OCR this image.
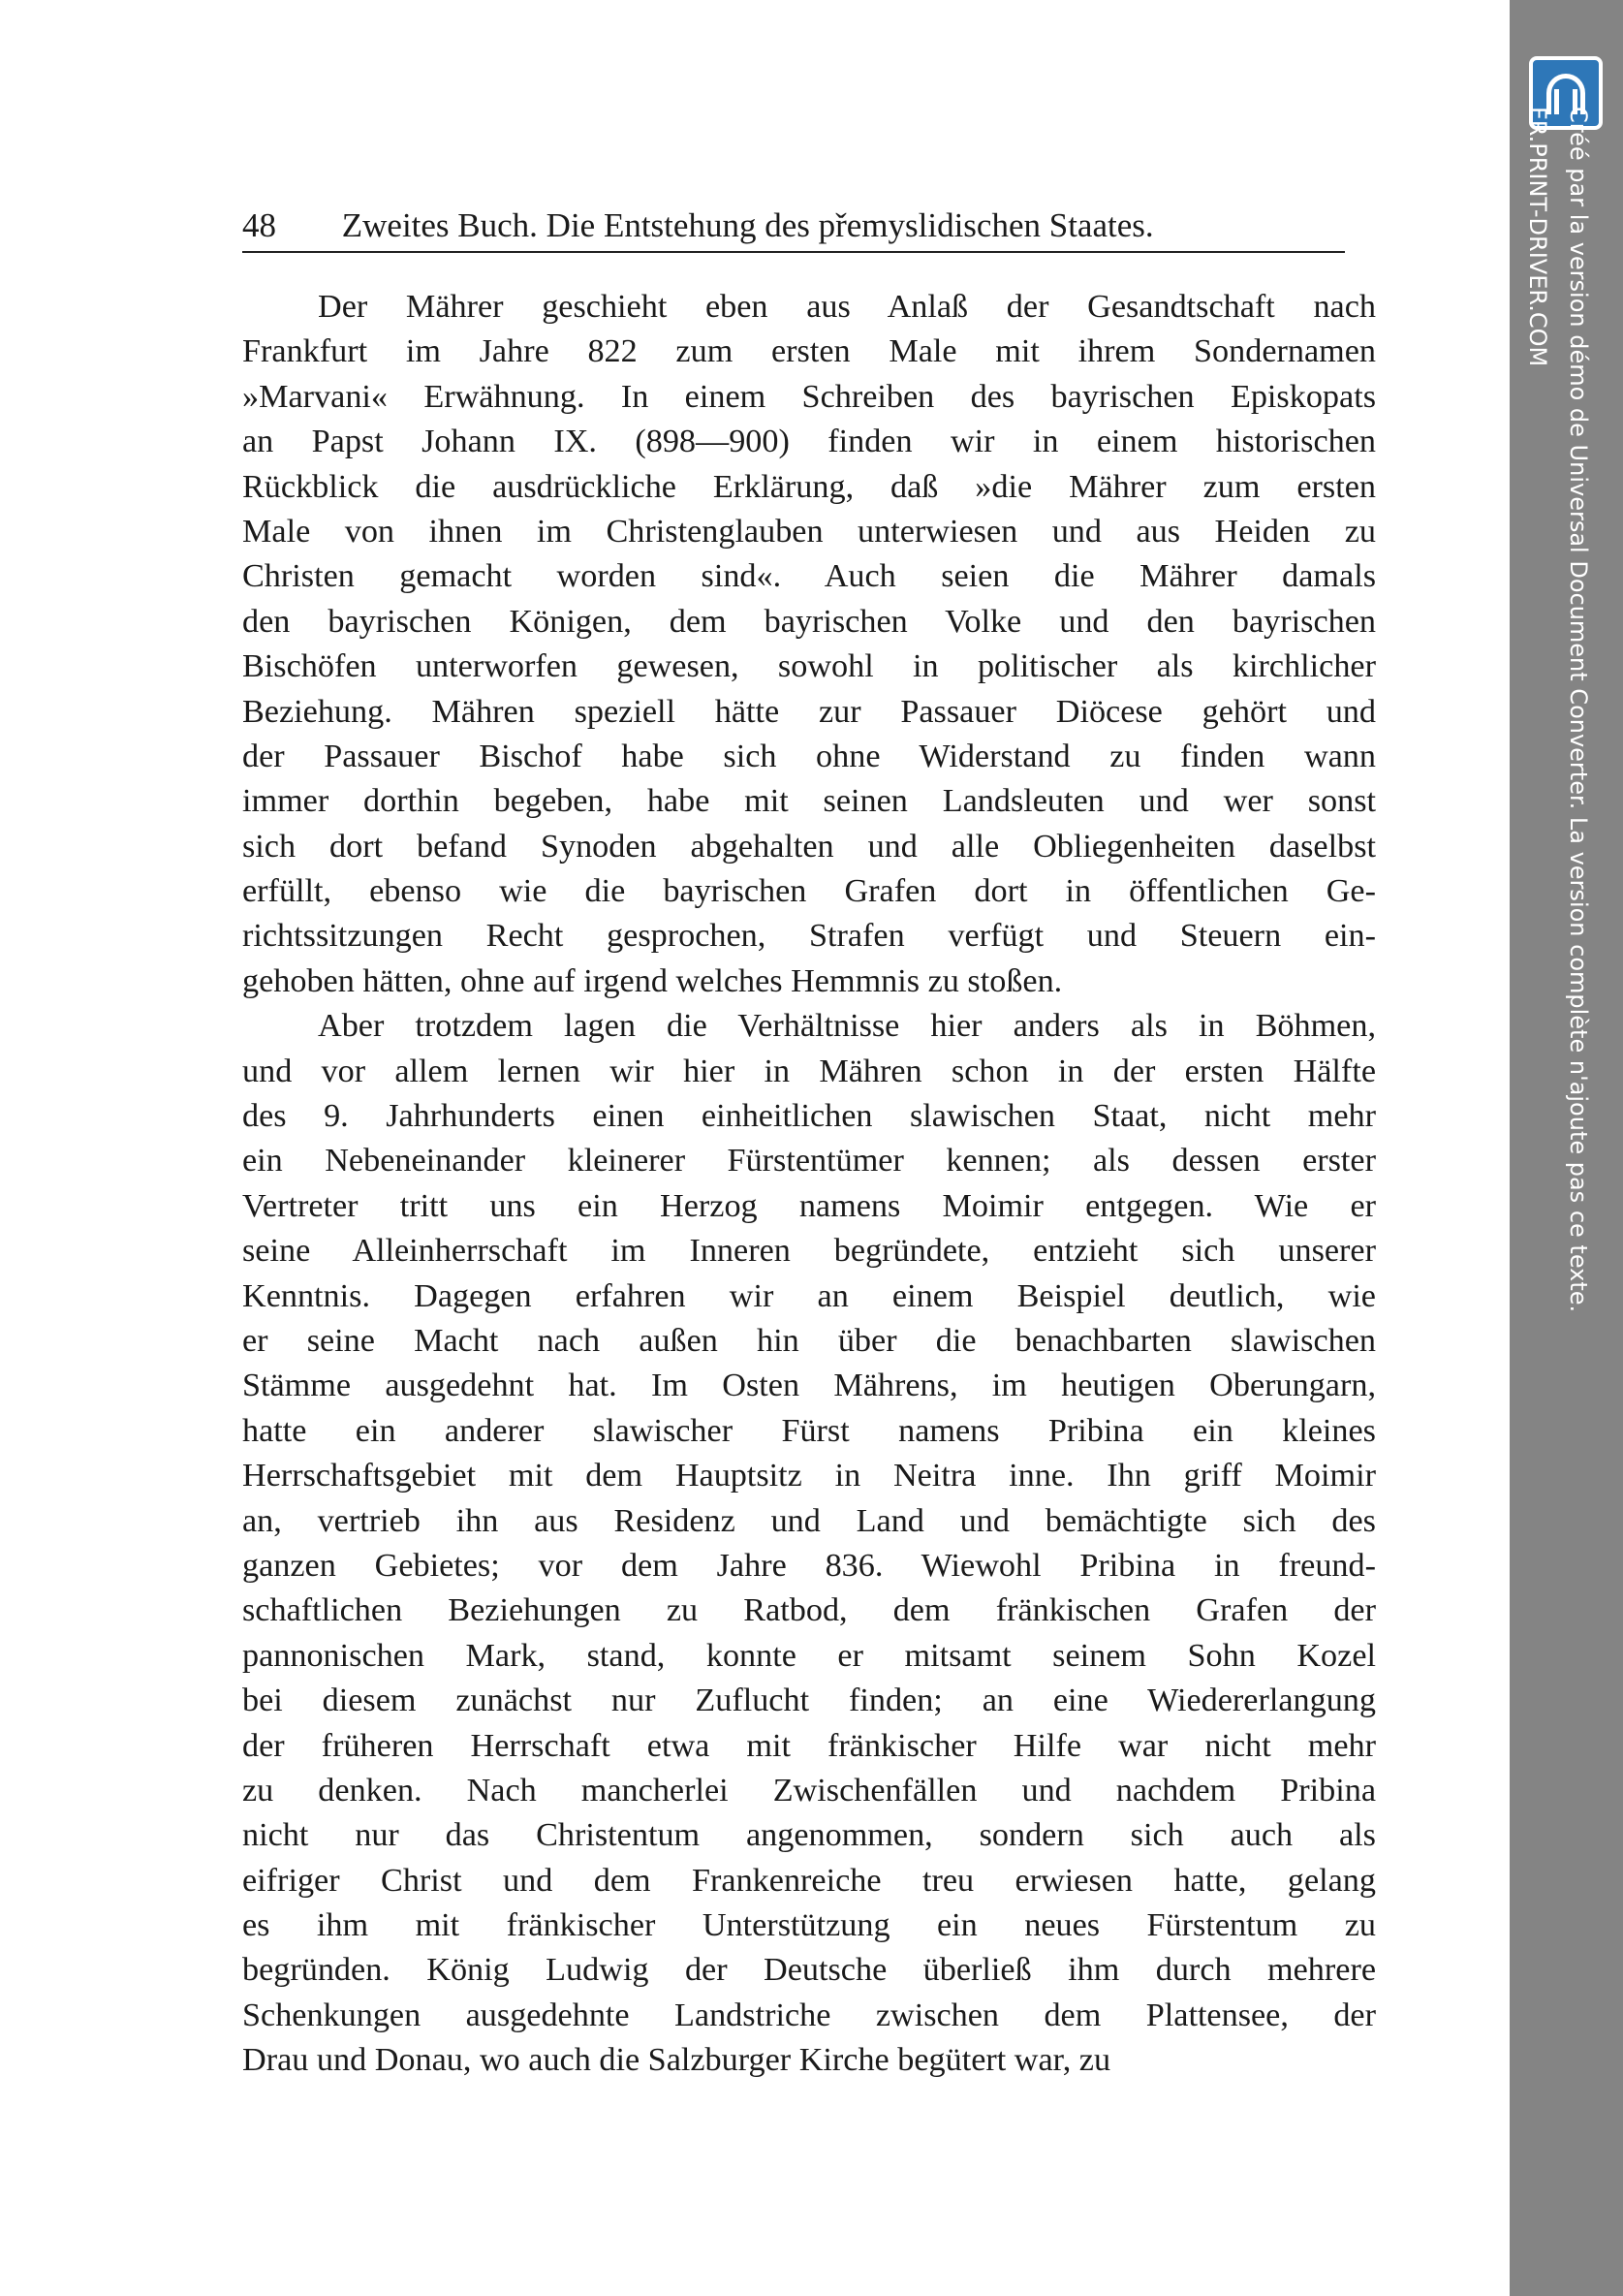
48 Zweites Buch. Die Entstehung des přemyslidischen Staates.
Der Mährer geschieht eben aus Anlaß der Gesandtschaft nach
Frankfurt im Jahre 822 zum ersten Male mit ihrem Sondernamen
»Marvani« Erwähnung. In einem Schreiben des bayrischen Episkopats
an Papst Johann IX. (898—900) finden wir in einem historischen
Rückblick die ausdrückliche Erklärung, daß »die Mährer zum ersten
Male von ihnen im Christenglauben unterwiesen und aus Heiden zu
Christen gemacht worden sind«. Auch seien die Mährer damals
den bayrischen Königen, dem bayrischen Volke und den bayrischen
Bischöfen unterworfen gewesen, sowohl in politischer als kirchlicher
Beziehung. Mähren speziell hätte zur Passauer Diöcese gehört und
der Passauer Bischof habe sich ohne Widerstand zu finden wann
immer dorthin begeben, habe mit seinen Landsleuten und wer sonst
sich dort befand Synoden abgehalten und alle Obliegenheiten daselbst
erfüllt, ebenso wie die bayrischen Grafen dort in öffentlichen Ge-
richtssitzungen Recht gesprochen, Strafen verfügt und Steuern ein-
gehoben hätten, ohne auf irgend welches Hemmnis zu stoßen.
Aber trotzdem lagen die Verhältnisse hier anders als in Böhmen,
und vor allem lernen wir hier in Mähren schon in der ersten Hälfte
des 9. Jahrhunderts einen einheitlichen slawischen Staat, nicht mehr
ein Nebeneinander kleinerer Fürstentümer kennen; als dessen erster
Vertreter tritt uns ein Herzog namens Moimir entgegen. Wie er
seine Alleinherrschaft im Inneren begründete, entzieht sich unserer
Kenntnis. Dagegen erfahren wir an einem Beispiel deutlich, wie
er seine Macht nach außen hin über die benachbarten slawischen
Stämme ausgedehnt hat. Im Osten Mährens, im heutigen Oberungarn,
hatte ein anderer slawischer Fürst namens Pribina ein kleines
Herrschaftsgebiet mit dem Hauptsitz in Neitra inne. Ihn griff Moimir
an, vertrieb ihn aus Residenz und Land und bemächtigte sich des
ganzen Gebietes; vor dem Jahre 836. Wiewohl Pribina in freund-
schaftlichen Beziehungen zu Ratbod, dem fränkischen Grafen der
pannonischen Mark, stand, konnte er mitsamt seinem Sohn Kozel
bei diesem zunächst nur Zuflucht finden; an eine Wiedererlangung
der früheren Herrschaft etwa mit fränkischer Hilfe war nicht mehr
zu denken. Nach mancherlei Zwischenfällen und nachdem Pribina
nicht nur das Christentum angenommen, sondern sich auch als
eifriger Christ und dem Frankenreiche treu erwiesen hatte, gelang
es ihm mit fränkischer Unterstützung ein neues Fürstentum zu
begründen. König Ludwig der Deutsche überließ ihm durch mehrere
Schenkungen ausgedehnte Landstriche zwischen dem Plattensee, der
Drau und Donau, wo auch die Salzburger Kirche begütert war, zu
Créé par la version démo de Universal Document Converter. La version complète n'ajoute pas ce texte.
FR.PRINT-DRIVER.COM
